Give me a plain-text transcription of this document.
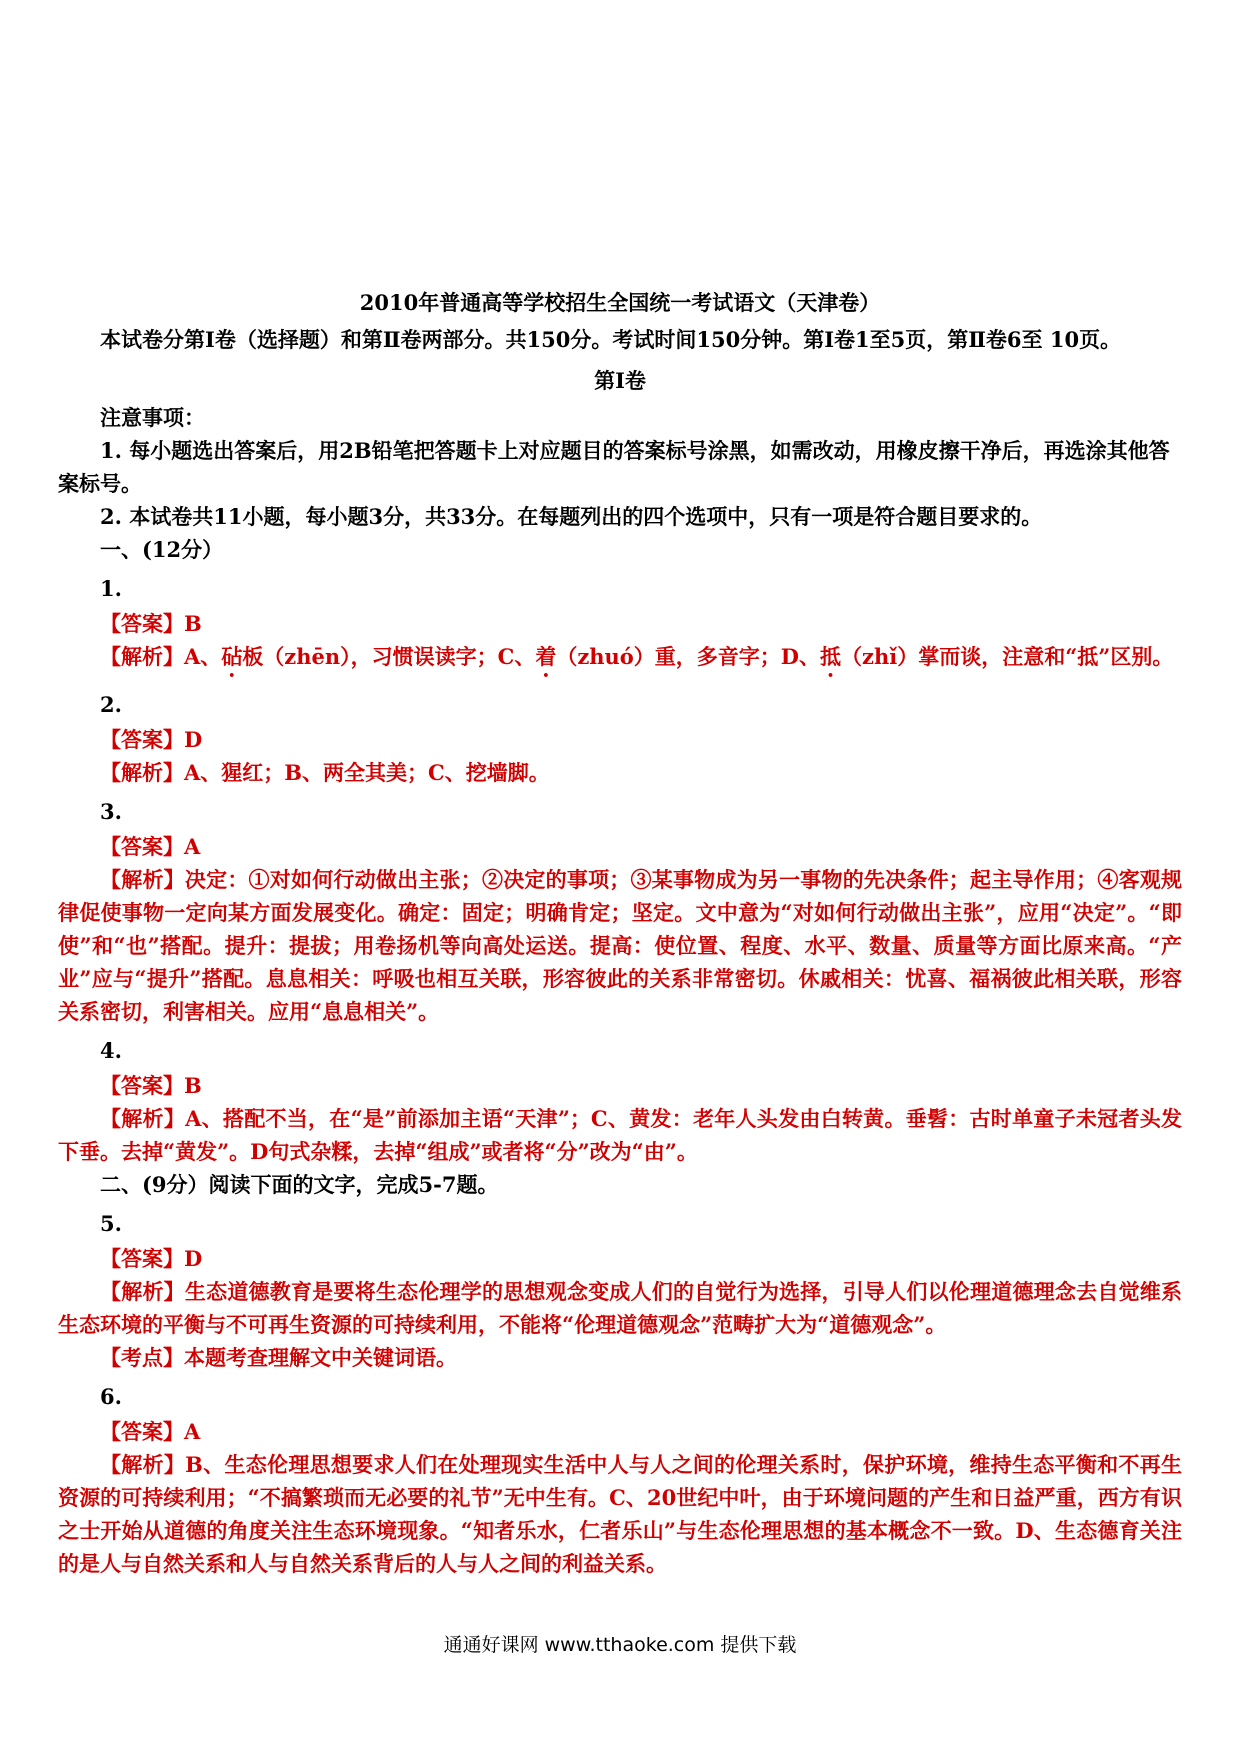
2010年普通高等学校招生全国统一考试语文（天津卷）

本试卷分第Ⅰ卷（选择题）和第Ⅱ卷两部分。共150分。考试时间150分钟。第Ⅰ卷1至5页，第Ⅱ卷6至 10页。

第Ⅰ卷

注意事项：

1. 每小题选出答案后，用2B铅笔把答题卡上对应题目的答案标号涂黑，如需改动，用橡皮擦干净后，再选涂其他答案标号。

2. 本试卷共11小题，每小题3分，共33分。在每题列出的四个选项中，只有一项是符合题目要求的。

一、(12分）

1.

【答案】B

【解析】A、砧板（zhēn），习惯误读字；C、着（zhuó）重，多音字；D、抵（zhǐ）掌而谈，注意和“抵”区别。

2.

【答案】D

【解析】A、猩红；B、两全其美；C、挖墙脚。

3.

【答案】A

【解析】决定：①对如何行动做出主张；②决定的事项；③某事物成为另一事物的先决条件；起主导作用；④客观规律促使事物一定向某方面发展变化。确定：固定；明确肯定；坚定。文中意为“对如何行动做出主张”，应用“决定”。“即使”和“也”搭配。提升：提拔；用卷扬机等向高处运送。提高：使位置、程度、水平、数量、质量等方面比原来高。“产业”应与“提升”搭配。息息相关：呼吸也相互关联，形容彼此的关系非常密切。休戚相关：忧喜、福祸彼此相关联，形容关系密切，利害相关。应用“息息相关”。

4.

【答案】B

【解析】A、搭配不当，在“是”前添加主语“天津”；C、黄发：老年人头发由白转黄。垂髫：古时单童子未冠者头发下垂。去掉“黄发”。D句式杂糅，去掉“组成”或者将“分”改为“由”。

二、(9分）阅读下面的文字，完成5-7题。

5.

【答案】D

【解析】生态道德教育是要将生态伦理学的思想观念变成人们的自觉行为选择，引导人们以伦理道德理念去自觉维系生态环境的平衡与不可再生资源的可持续利用，不能将“伦理道德观念”范畴扩大为“道德观念”。

【考点】本题考查理解文中关键词语。

6.

【答案】A

【解析】B、生态伦理思想要求人们在处理现实生活中人与人之间的伦理关系时，保护环境，维持生态平衡和不再生资源的可持续利用；“不搞繁琐而无必要的礼节”无中生有。C、20世纪中叶，由于环境问题的产生和日益严重，西方有识之士开始从道德的角度关注生态环境现象。“知者乐水，仁者乐山”与生态伦理思想的基本概念不一致。D、生态德育关注的是人与自然关系和人与自然关系背后的人与人之间的利益关系。

通通好课网 www.tthaoke.com 提供下载
